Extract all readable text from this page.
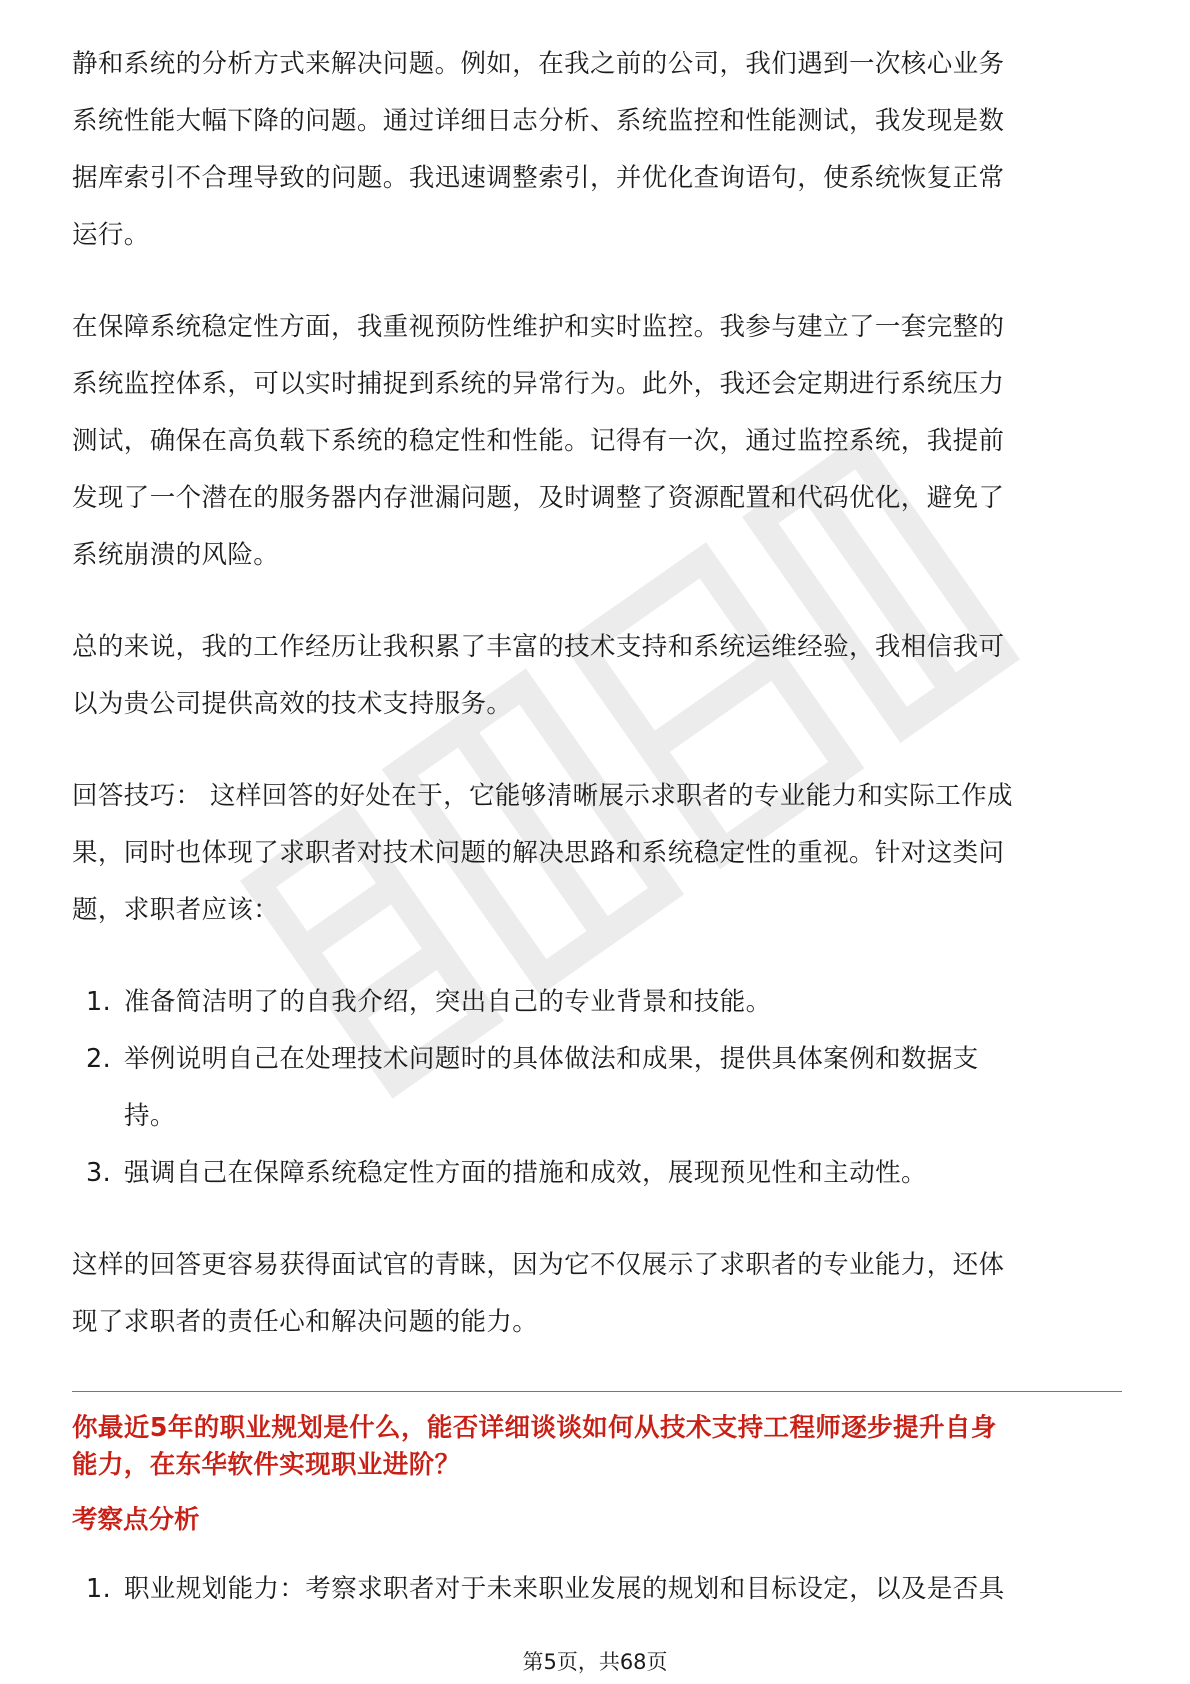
静和系统的分析方式来解决问题。例如，在我之前的公司，我们遇到一次核心业务
系统性能大幅下降的问题。通过详细日志分析、系统监控和性能测试，我发现是数
据库索引不合理导致的问题。我迅速调整索引，并优化查询语句，使系统恢复正常
运行。

在保障系统稳定性方面，我重视预防性维护和实时监控。我参与建立了一套完整的
系统监控体系，可以实时捕捉到系统的异常行为。此外，我还会定期进行系统压力
测试，确保在高负载下系统的稳定性和性能。记得有一次，通过监控系统，我提前
发现了一个潜在的服务器内存泄漏问题，及时调整了资源配置和代码优化，避免了
系统崩溃的风险。

总的来说，我的工作经历让我积累了丰富的技术支持和系统运维经验，我相信我可
以为贵公司提供高效的技术支持服务。

回答技巧： 这样回答的好处在于，它能够清晰展示求职者的专业能力和实际工作成
果，同时也体现了求职者对技术问题的解决思路和系统稳定性的重视。针对这类问
题，求职者应该：

1. 准备简洁明了的自我介绍，突出自己的专业背景和技能。
2. 举例说明自己在处理技术问题时的具体做法和成果，提供具体案例和数据支
持。
3. 强调自己在保障系统稳定性方面的措施和成效，展现预见性和主动性。

这样的回答更容易获得面试官的青睐，因为它不仅展示了求职者的专业能力，还体
现了求职者的责任心和解决问题的能力。

你最近5年的职业规划是什么，能否详细谈谈如何从技术支持工程师逐步提升自身
能力，在东华软件实现职业进阶？

考察点分析

1. 职业规划能力：考察求职者对于未来职业发展的规划和目标设定，以及是否具
第5页，共68页
